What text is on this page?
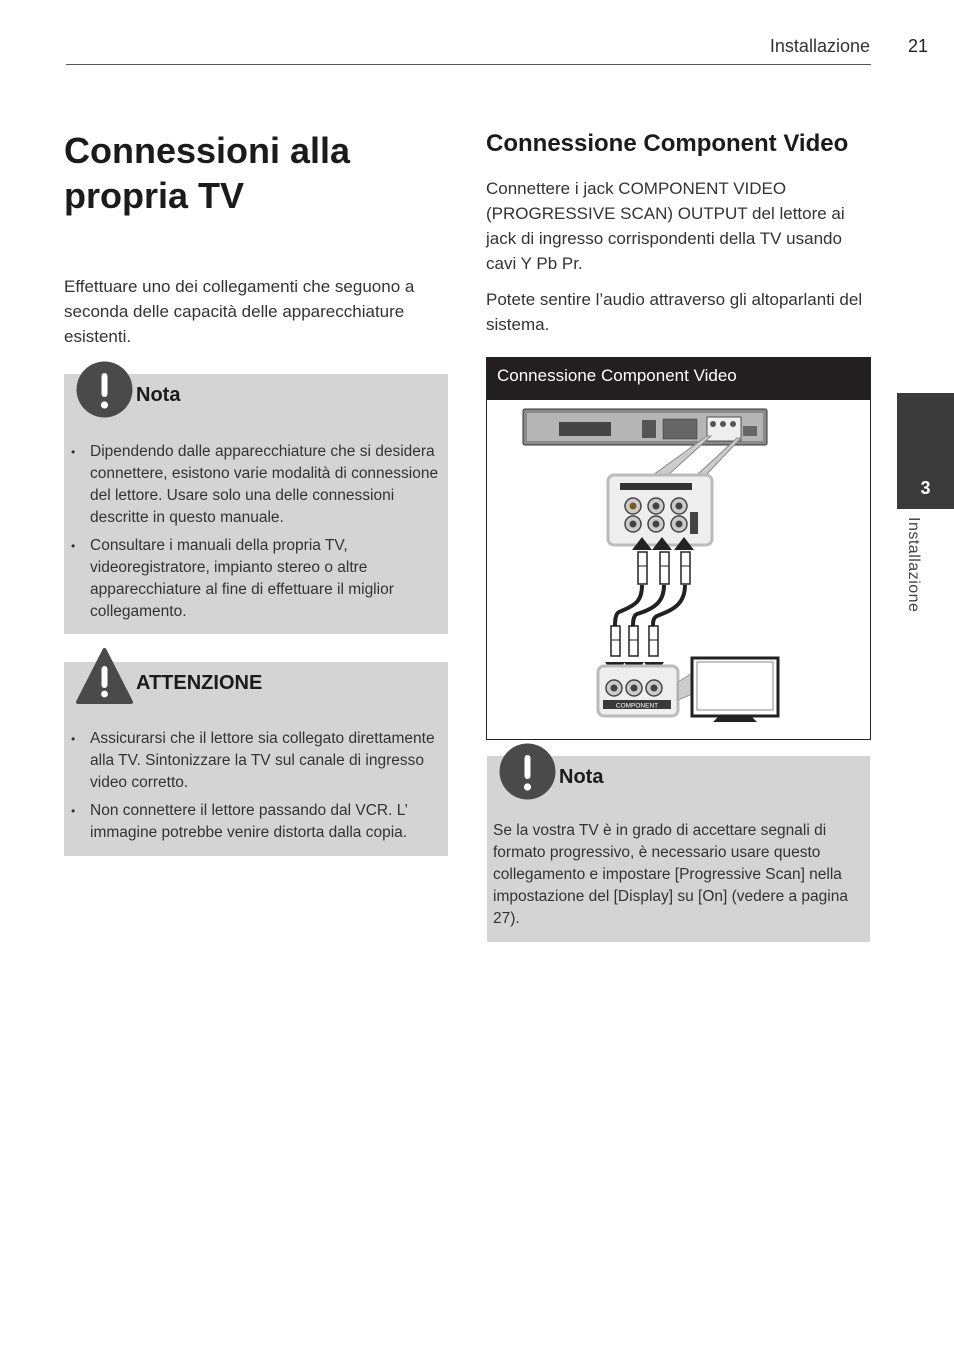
Installazione 21
Connessioni alla propria TV

Effettuare uno dei collegamenti che seguono a seconda delle capacità delle apparecchiature esistenti.

Nota
• Dipendendo dalle apparecchiature che si desidera connettere, esistono varie modalità di connessione del lettore. Usare solo una delle connessioni descritte in questo manuale.
• Consultare i manuali della propria TV, videoregistratore, impianto stereo o altre apparecchiature al fine di effettuare il miglior collegamento.
ATTENZIONE
• Assicurarsi che il lettore sia collegato direttamente alla TV. Sintonizzare la TV sul canale di ingresso video corretto.
• Non connettere il lettore passando dal VCR. L’ immagine potrebbe venire distorta dalla copia.
Connessione Component Video

Connettere i jack COMPONENT VIDEO (PROGRESSIVE SCAN) OUTPUT del lettore ai jack di ingresso corrispondenti della TV usando cavi Y Pb Pr.

Potete sentire l’audio attraverso gli altoparlanti del sistema.

Connessione Component Video
COMPONENT
Nota

Se la vostra TV è in grado di accettare segnali di formato progressivo, è necessario usare questo collegamento e impostare [Progressive Scan] nella impostazione del [Display] su [On] (vedere a pagina 27).

3
Installazione
